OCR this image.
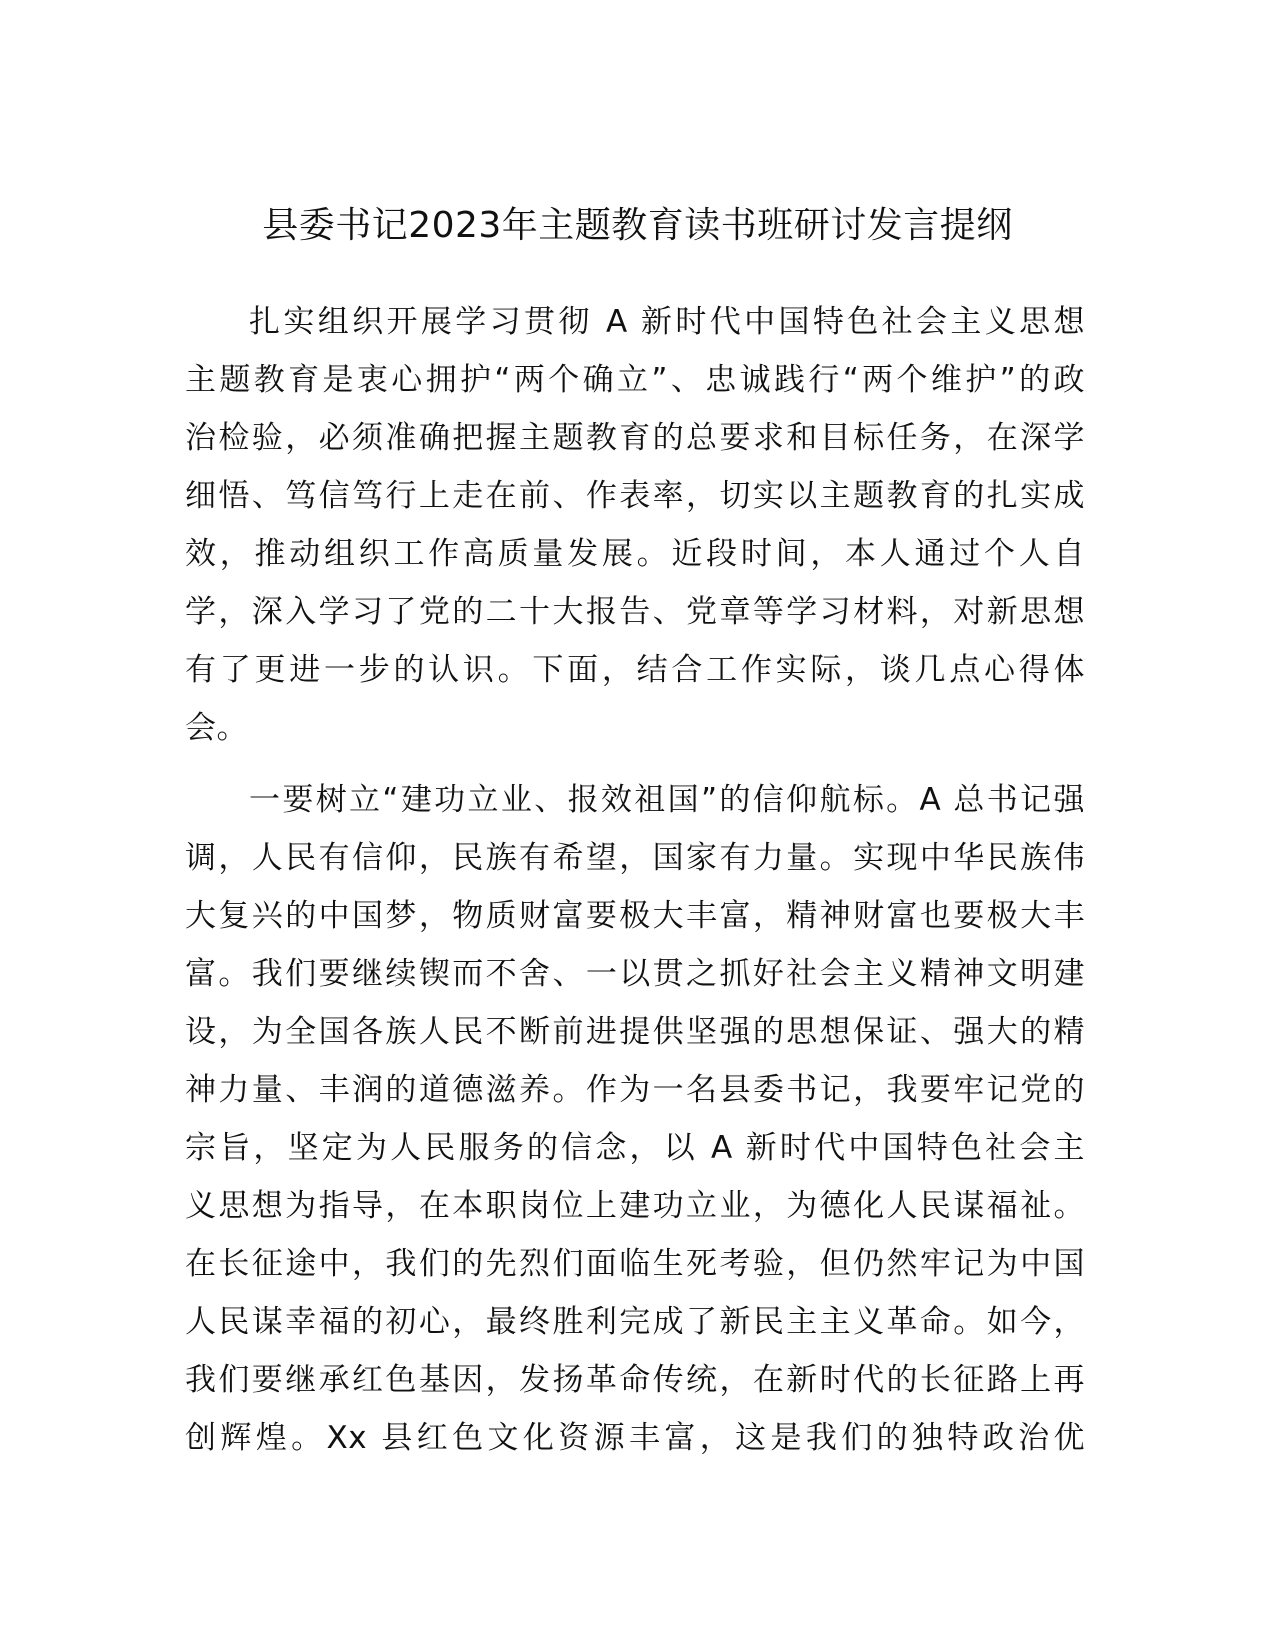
县委书记2023年主题教育读书班研讨发言提纲

扎实组织开展学习贯彻 A 新时代中国特色社会主义思想
主题教育是衷心拥护“两个确立”、忠诚践行“两个维护”的政
治检验，必须准确把握主题教育的总要求和目标任务，在深学
细悟、笃信笃行上走在前、作表率，切实以主题教育的扎实成
效，推动组织工作高质量发展。近段时间，本人通过个人自
学，深入学习了党的二十大报告、党章等学习材料，对新思想
有了更进一步的认识。下面，结合工作实际，谈几点心得体
会。

一要树立“建功立业、报效祖国”的信仰航标。A 总书记强
调，人民有信仰，民族有希望，国家有力量。实现中华民族伟
大复兴的中国梦，物质财富要极大丰富，精神财富也要极大丰
富。我们要继续锲而不舍、一以贯之抓好社会主义精神文明建
设，为全国各族人民不断前进提供坚强的思想保证、强大的精
神力量、丰润的道德滋养。作为一名县委书记，我要牢记党的
宗旨，坚定为人民服务的信念，以 A 新时代中国特色社会主
义思想为指导，在本职岗位上建功立业，为德化人民谋福祉。
在长征途中，我们的先烈们面临生死考验，但仍然牢记为中国
人民谋幸福的初心，最终胜利完成了新民主主义革命。如今，
我们要继承红色基因，发扬革命传统，在新时代的长征路上再
创辉煌。Xx 县红色文化资源丰富，这是我们的独特政治优
